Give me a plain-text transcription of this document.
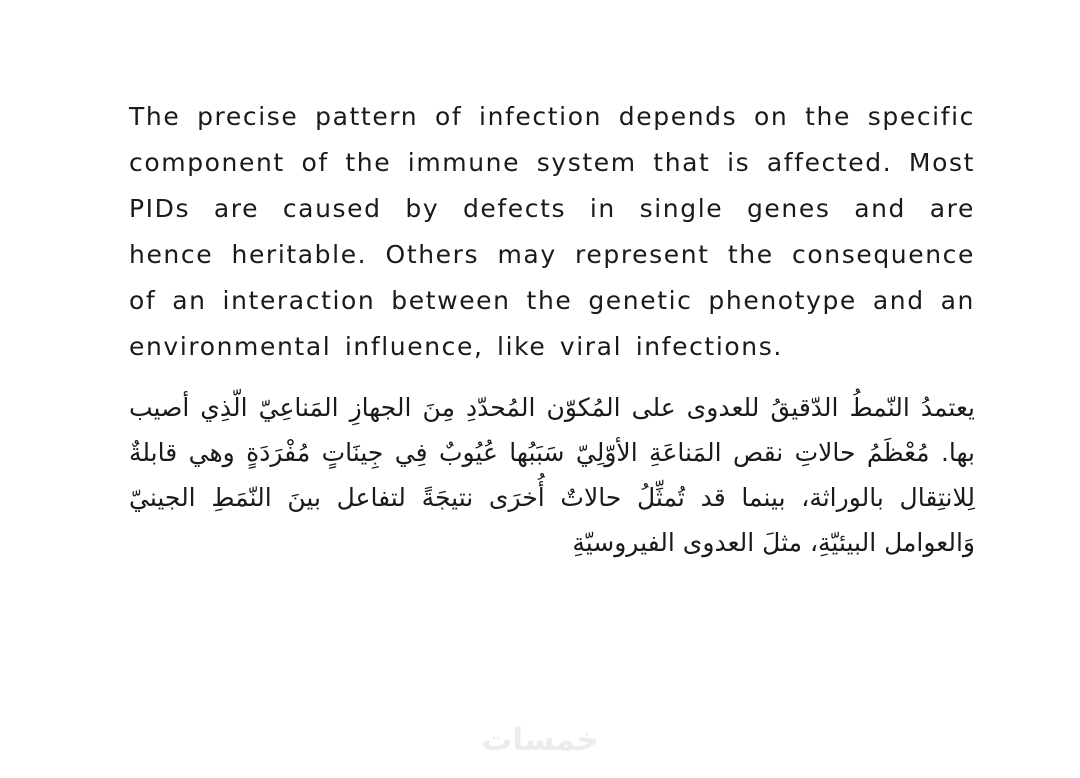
The precise pattern of infection depends on the specific component of the immune system that is affected. Most PIDs are caused by defects in single genes and are hence heritable. Others may represent the consequence of an interaction between the genetic phenotype and an environmental influence, like viral infections.

يعتمدُ النّمطُ الدّقيقُ للعدوى على المُكوّن المُحدّدِ مِنَ الجهازِ المَناعِيّ الّذِي أصيب بها. مُعْظَمُ حالاتِ نقص المَناعَةِ الأوّلِيّ سَبَبُها عُيُوبٌ فِي جِينَاتٍ مُفْرَدَةٍ وهي قابلةٌ لِلانتِقال بالوراثة، بينما قد تُمثِّلُ حالاتٌ أُخرَى نتيجَةً لتفاعل بينَ النّمَطِ الجينيّ وَالعوامل البيئيّةِ، مثلَ العدوى الفيروسيّةِ

خمسات
